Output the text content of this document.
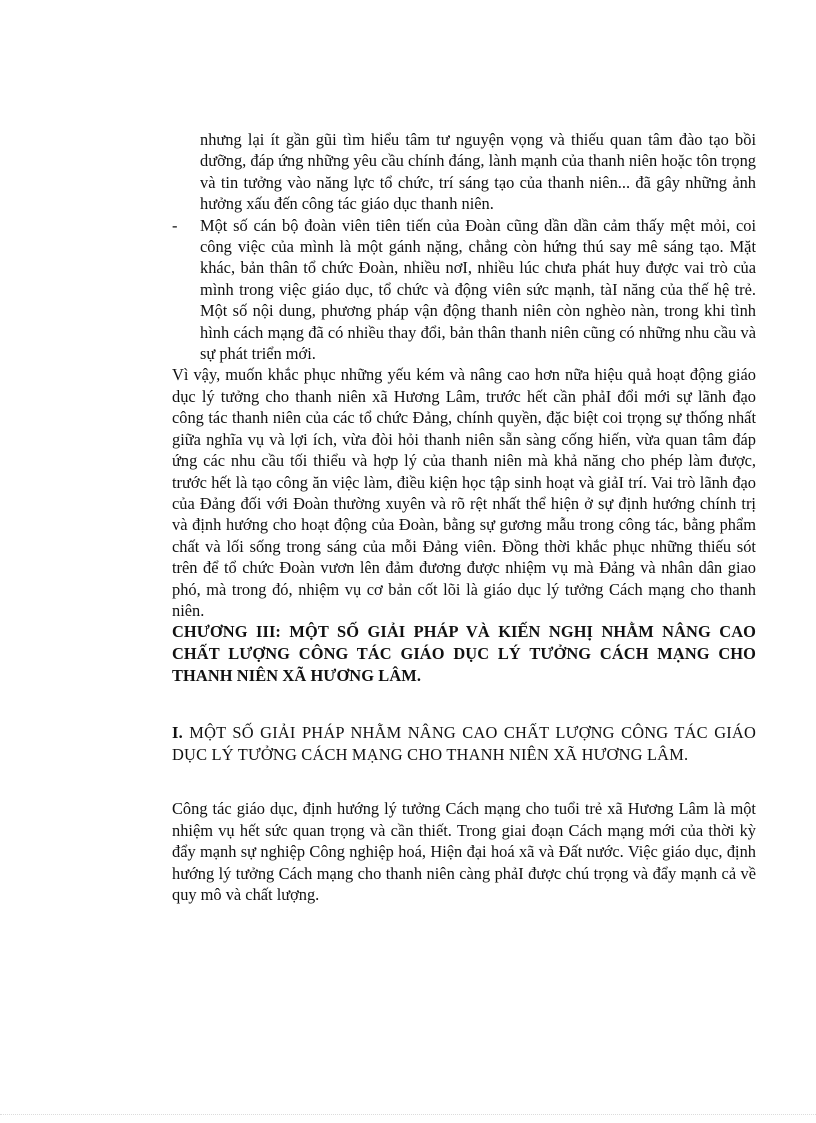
nhưng lại ít gần gũi tìm hiểu tâm tư nguyện vọng và thiếu quan tâm đào tạo bồi dưỡng, đáp ứng những yêu cầu chính đáng, lành mạnh của thanh niên hoặc tôn trọng và tin tưởng vào năng lực tổ chức, trí sáng tạo của thanh niên... đã gây những ảnh hưởng xấu đến công tác giáo dục thanh niên.

- Một số cán bộ đoàn viên tiên tiến của Đoàn cũng dần dần cảm thấy mệt mỏi, coi công việc của mình là một gánh nặng, chẳng còn hứng thú say mê sáng tạo. Mặt khác, bản thân tổ chức Đoàn, nhiều nơI, nhiều lúc chưa phát huy được vai trò của mình trong việc giáo dục, tổ chức và động viên sức mạnh, tàI năng của thế hệ trẻ. Một số nội dung, phương pháp vận động thanh niên còn nghèo nàn, trong khi tình hình cách mạng đã có nhiều thay đổi, bản thân thanh niên cũng có những nhu cầu và sự phát triển mới.

Vì vậy, muốn khắc phục những yếu kém và nâng cao hơn nữa hiệu quả hoạt động giáo dục lý tưởng cho thanh niên xã Hương Lâm, trước hết cần phảI đổi mới sự lãnh đạo công tác thanh niên của các tổ chức Đảng, chính quyền, đặc biệt coi trọng sự thống nhất giữa nghĩa vụ và lợi ích, vừa đòi hỏi thanh niên sẵn sàng cống hiến, vừa quan tâm đáp ứng các nhu cầu tối thiểu và hợp lý của thanh niên mà khả năng cho phép làm được, trước hết là tạo công ăn việc làm, điều kiện học tập sinh hoạt và giảI trí. Vai trò lãnh đạo của Đảng đối với Đoàn thường xuyên và rõ rệt nhất thể hiện ở sự định hướng chính trị và định hướng cho hoạt động của Đoàn, bằng sự gương mẫu trong công tác, bằng phẩm chất và lối sống trong sáng của mỗi Đảng viên. Đồng thời khắc phục những thiếu sót trên để tổ chức Đoàn vươn lên đảm đương được nhiệm vụ mà Đảng và nhân dân giao phó, mà trong đó, nhiệm vụ cơ bản cốt lõi là giáo dục lý tưởng Cách mạng cho thanh niên.

CHƯƠNG III: MỘT SỐ GIẢI PHÁP VÀ KIẾN NGHỊ NHẰM NÂNG CAO CHẤT LƯỢNG CÔNG TÁC GIÁO DỤC LÝ TƯỞNG CÁCH MẠNG CHO THANH NIÊN XÃ HƯƠNG LÂM.

I. MỘT SỐ GIẢI PHÁP NHẰM NÂNG CAO CHẤT LƯỢNG CÔNG TÁC GIÁO DỤC LÝ TƯỞNG CÁCH MẠNG CHO THANH NIÊN XÃ HƯƠNG LÂM.

Công tác giáo dục, định hướng lý tưởng Cách mạng cho tuổi trẻ xã Hương Lâm là một nhiệm vụ hết sức quan trọng và cần thiết. Trong giai đoạn Cách mạng mới của thời kỳ đẩy mạnh sự nghiệp Công nghiệp hoá, Hiện đại hoá xã và Đất nước. Việc giáo dục, định hướng lý tưởng Cách mạng cho thanh niên càng phảI được chú trọng và đẩy mạnh cả về quy mô và chất lượng.
